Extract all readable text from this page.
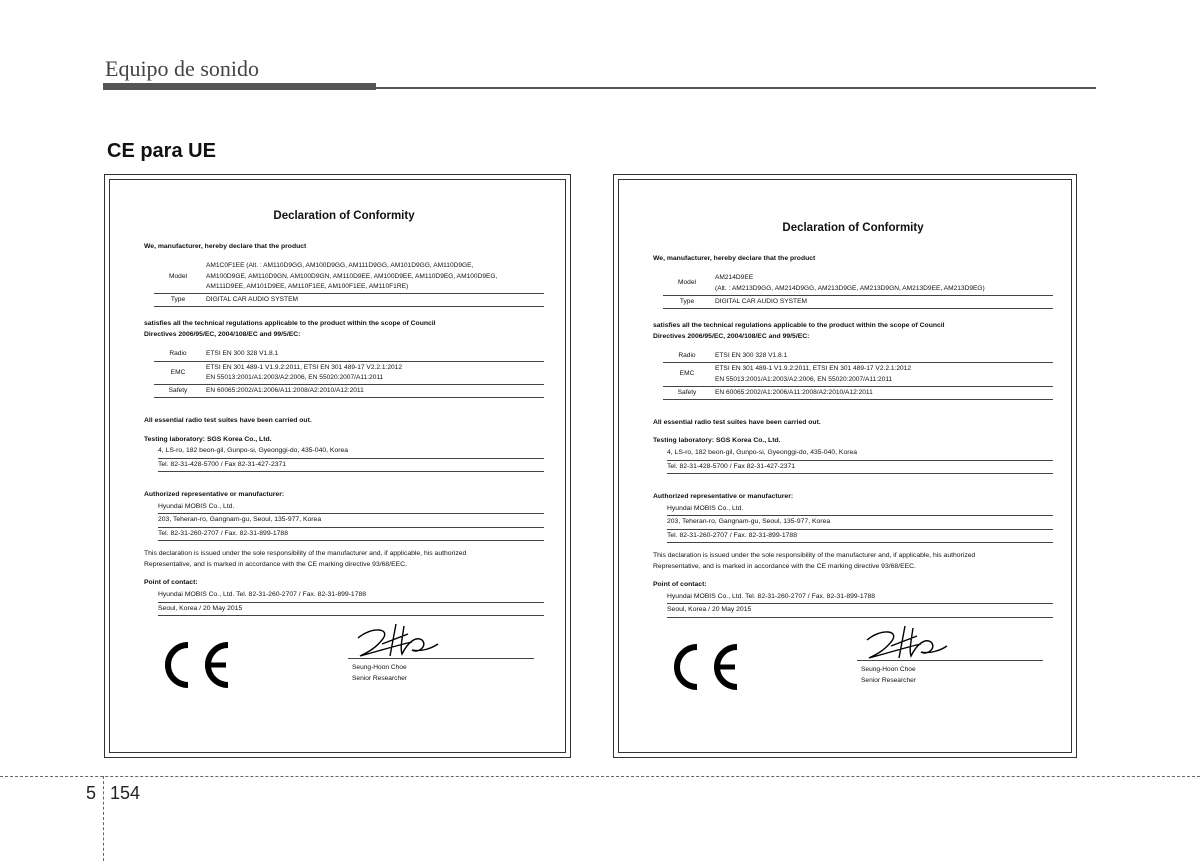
Equipo de sonido
CE para UE

Declaration of Conformity

We, manufacturer, hereby declare that the product
Model	AM1C0F1EE (Alt. : AM110D9GG, AM100D9GG, AM111D9GG, AM101D9GG, AM110D9GE,
AM100D9GE, AM110D9GN, AM100D9GN, AM110D9EE, AM100D9EE, AM110D9EG, AM100D9EG,
AM111D9EE, AM101D9EE, AM110F1EE, AM100F1EE, AM110F1RE)

Type	DIGITAL CAR AUDIO SYSTEM
satisfies all the technical regulations applicable to the product within the scope of Council
Directives 2006/95/EC, 2004/108/EC and 99/5/EC:
Radio	ETSI EN 300 328 V1.8.1
EMC	ETSI EN 301 489-1 V1.9.2:2011, ETSI EN 301 489-17 V2.2.1:2012
EN 55013:2001/A1:2003/A2:2006, EN 55020:2007/A11:2011

Safety	EN 60065:2002/A1:2006/A11:2008/A2:2010/A12:2011
All essential radio test suites have been carried out.
Testing laboratory: SGS Korea Co., Ltd.
4, LS-ro, 182 beon-gil, Gunpo-si, Gyeonggi-do, 435-040, Korea
Tel. 82-31-428-5700 / Fax 82-31-427-2371
Authorized representative or manufacturer:
Hyundai MOBIS Co., Ltd.
203, Teheran-ro, Gangnam-gu, Seoul, 135-977, Korea
Tel. 82-31-260-2707 / Fax. 82-31-899-1788
This declaration is issued under the sole responsibility of the manufacturer and, if applicable, his authorized
Representative, and is marked in accordance with the CE marking directive 93/68/EEC.
Point of contact:
Hyundai MOBIS Co., Ltd. Tel. 82-31-260-2707 / Fax. 82-31-899-1788
Seoul, Korea / 20 May 2015
Seung-Hoon Choe
Senior Researcher

Declaration of Conformity

We, manufacturer, hereby declare that the product
Model	AM214D9EE
(Alt. : AM213D9GG, AM214D9GG, AM213D9GE, AM213D9GN, AM213D9EE, AM213D9EG)

Type	DIGITAL CAR AUDIO SYSTEM
satisfies all the technical regulations applicable to the product within the scope of Council
Directives 2006/95/EC, 2004/108/EC and 99/5/EC:
Radio	ETSI EN 300 328 V1.8.1
EMC	ETSI EN 301 489-1 V1.9.2:2011, ETSI EN 301 489-17 V2.2.1:2012
EN 55013:2001/A1:2003/A2:2006, EN 55020:2007/A11:2011

Safety	EN 60065:2002/A1:2006/A11:2008/A2:2010/A12:2011
All essential radio test suites have been carried out.
Testing laboratory: SGS Korea Co., Ltd.
4, LS-ro, 182 beon-gil, Gunpo-si, Gyeonggi-do, 435-040, Korea
Tel. 82-31-428-5700 / Fax 82-31-427-2371
Authorized representative or manufacturer:
Hyundai MOBIS Co., Ltd.
203, Teheran-ro, Gangnam-gu, Seoul, 135-977, Korea
Tel. 82-31-260-2707 / Fax. 82-31-899-1788
This declaration is issued under the sole responsibility of the manufacturer and, if applicable, his authorized
Representative, and is marked in accordance with the CE marking directive 93/68/EEC.
Point of contact:
Hyundai MOBIS Co., Ltd. Tel. 82-31-260-2707 / Fax. 82-31-899-1788
Seoul, Korea / 20 May 2015
Seung-Hoon Choe
Senior Researcher
5 154
